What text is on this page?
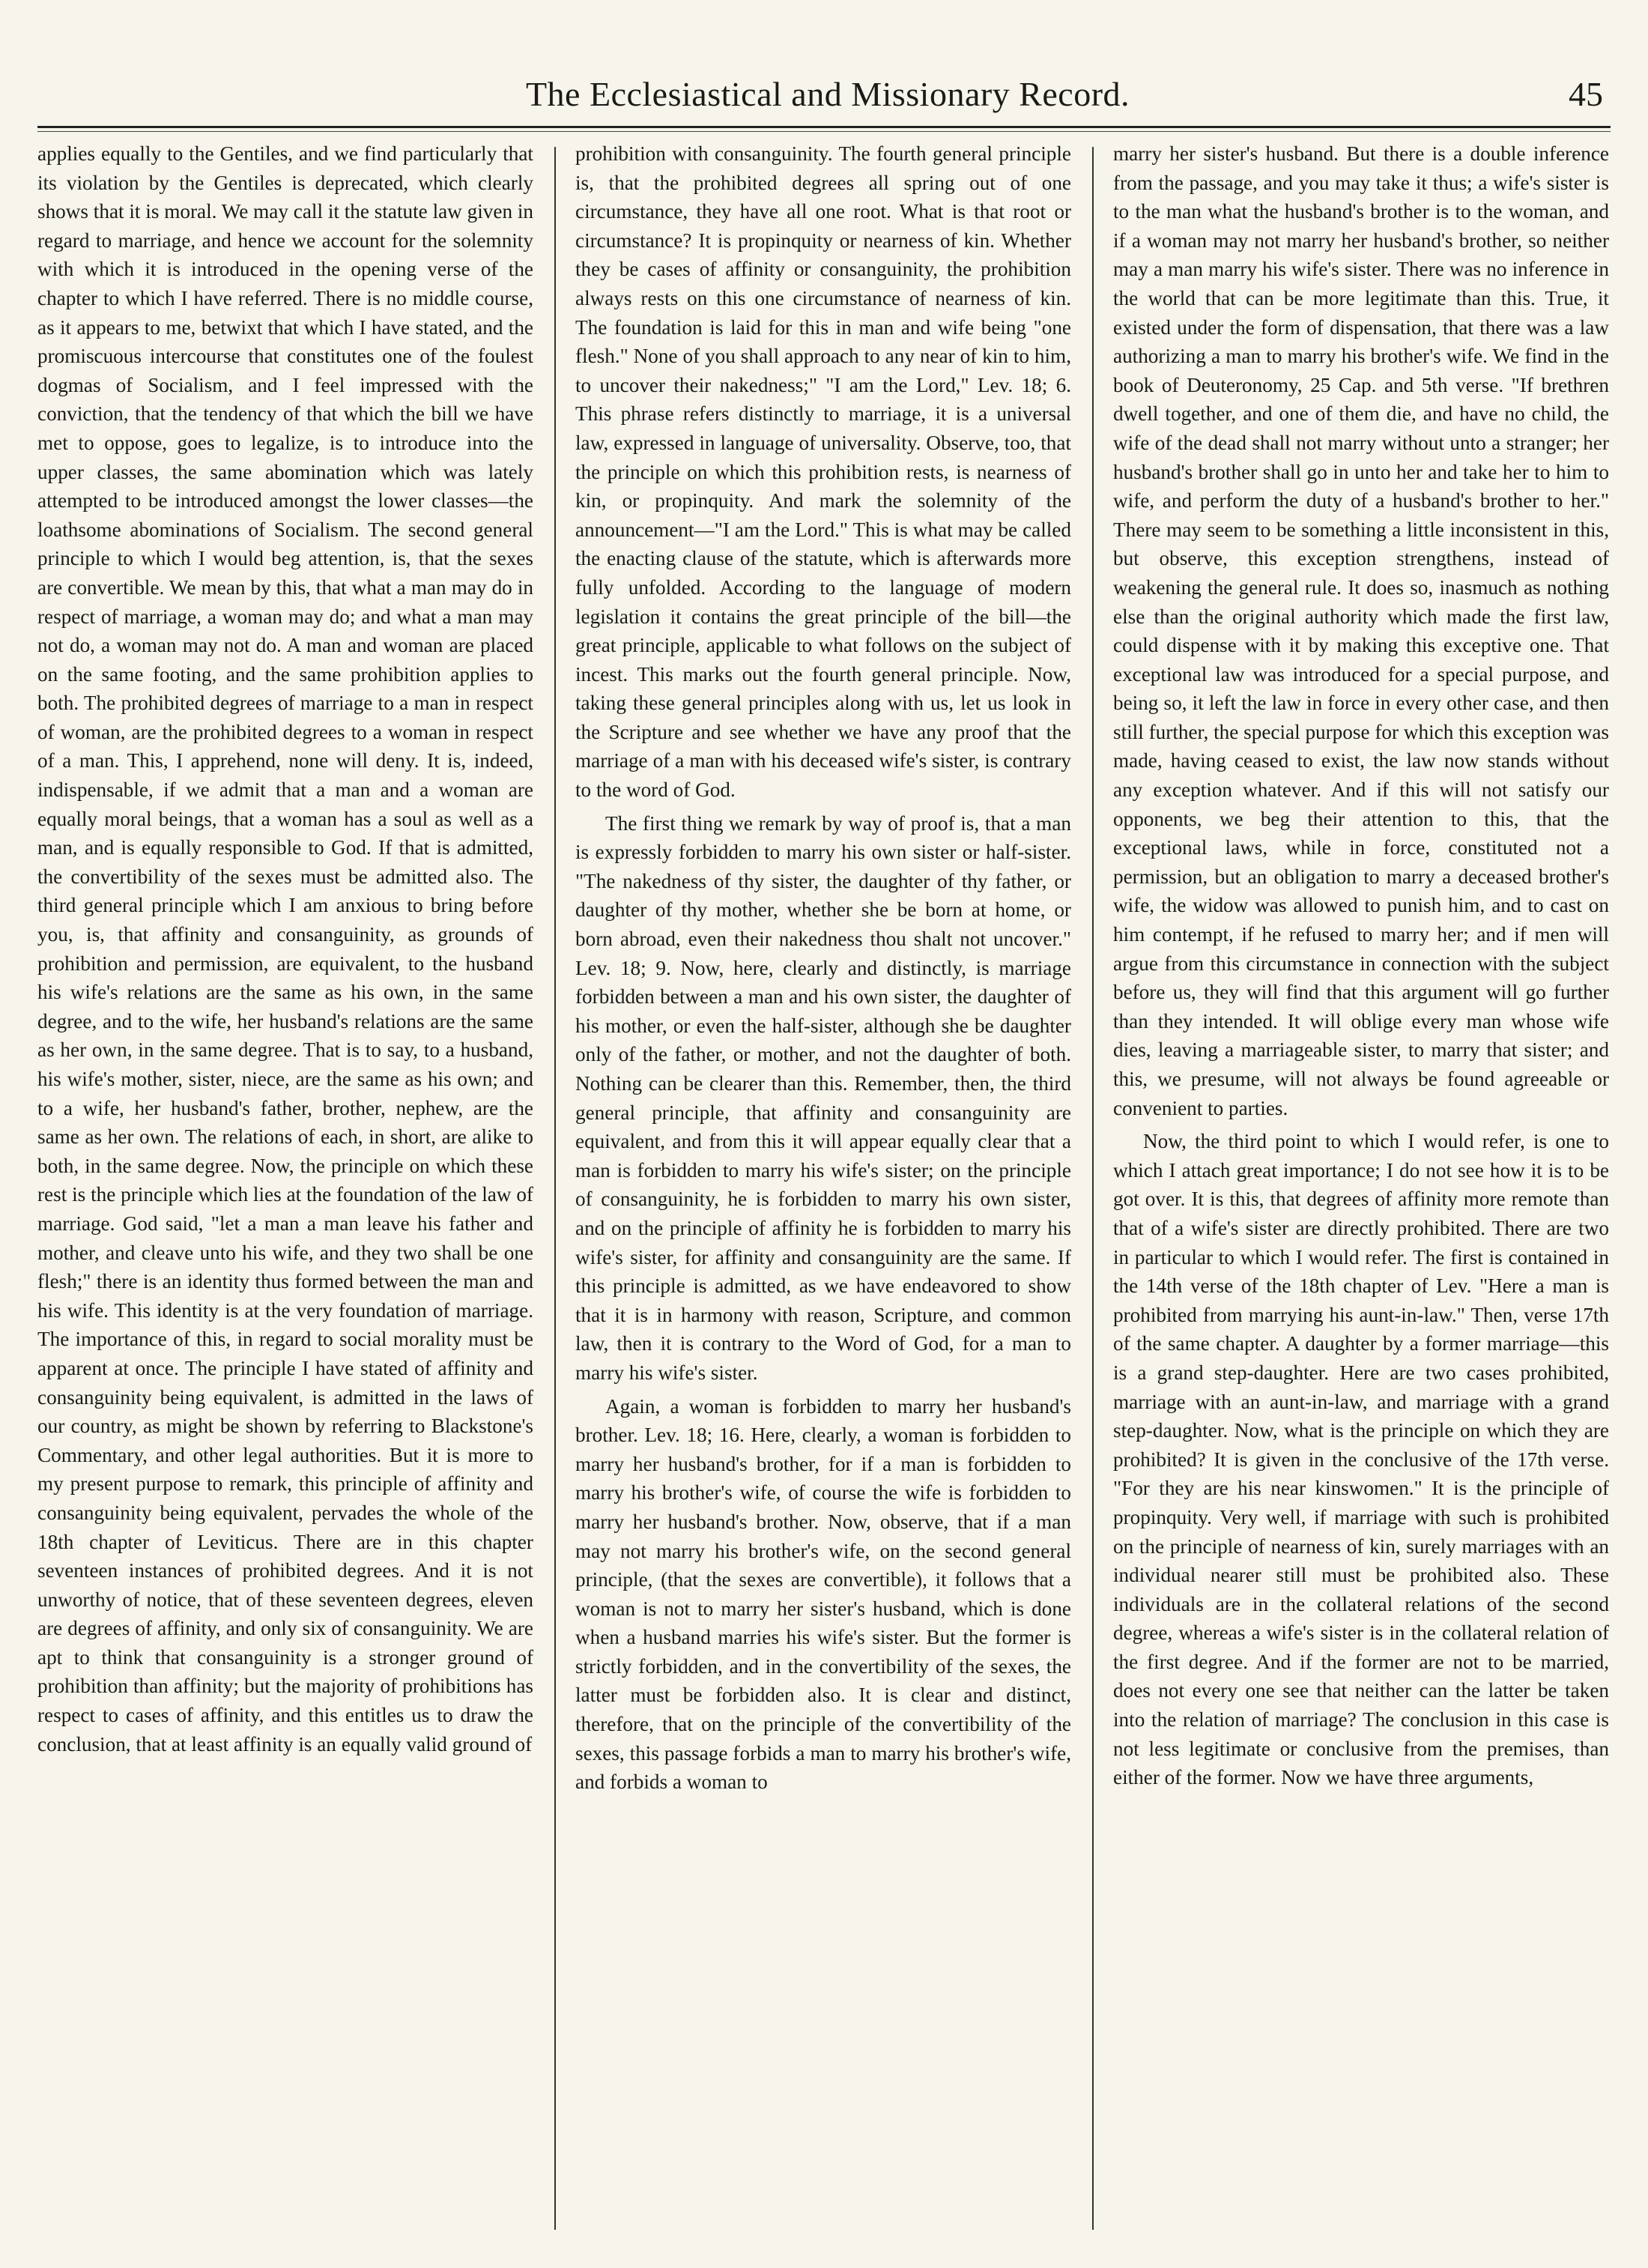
The Ecclesiastical and Missionary Record.	45

applies equally to the Gentiles, and we find particularly that its violation by the Gentiles is deprecated, which clearly shows that it is moral. We may call it the statute law given in regard to marriage, and hence we account for the solemnity with which it is introduced in the opening verse of the chapter to which I have referred. There is no middle course, as it appears to me, betwixt that which I have stated, and the promiscuous intercourse that constitutes one of the foulest dogmas of Socialism, and I feel impressed with the conviction, that the tendency of that which the bill we have met to oppose, goes to legalize, is to introduce into the upper classes, the same abomination which was lately attempted to be introduced amongst the lower classes—the loathsome abominations of Socialism. The second general principle to which I would beg attention, is, that the sexes are convertible. We mean by this, that what a man may do in respect of marriage, a woman may do; and what a man may not do, a woman may not do. A man and woman are placed on the same footing, and the same prohibition applies to both. The prohibited degrees of marriage to a man in respect of woman, are the prohibited degrees to a woman in respect of a man. This, I apprehend, none will deny. It is, indeed, indispensable, if we admit that a man and a woman are equally moral beings, that a woman has a soul as well as a man, and is equally responsible to God. If that is admitted, the convertibility of the sexes must be admitted also. The third general principle which I am anxious to bring before you, is, that affinity and consanguinity, as grounds of prohibition and permission, are equivalent, to the husband his wife's relations are the same as his own, in the same degree, and to the wife, her husband's relations are the same as her own, in the same degree. That is to say, to a husband, his wife's mother, sister, niece, are the same as his own; and to a wife, her husband's father, brother, nephew, are the same as her own. The relations of each, in short, are alike to both, in the same degree. Now, the principle on which these rest is the principle which lies at the foundation of the law of marriage. God said, "let a man a man leave his father and mother, and cleave unto his wife, and they two shall be one flesh;" there is an identity thus formed between the man and his wife. This identity is at the very foundation of marriage. The importance of this, in regard to social morality must be apparent at once. The principle I have stated of affinity and consanguinity being equivalent, is admitted in the laws of our country, as might be shown by referring to Blackstone's Commentary, and other legal authorities. But it is more to my present purpose to remark, this principle of affinity and consanguinity being equivalent, pervades the whole of the 18th chapter of Leviticus. There are in this chapter seventeen instances of prohibited degrees. And it is not unworthy of notice, that of these seventeen degrees, eleven are degrees of affinity, and only six of consanguinity. We are apt to think that consanguinity is a stronger ground of prohibition than affinity; but the majority of prohibitions has respect to cases of affinity, and this entitles us to draw the conclusion, that at least affinity is an equally valid ground of

prohibition with consanguinity. The fourth general principle is, that the prohibited degrees all spring out of one circumstance, they have all one root. What is that root or circumstance? It is propinquity or nearness of kin. Whether they be cases of affinity or consanguinity, the prohibition always rests on this one circumstance of nearness of kin. The foundation is laid for this in man and wife being "one flesh." None of you shall approach to any near of kin to him, to uncover their nakedness;" "I am the Lord," Lev. 18; 6. This phrase refers distinctly to marriage, it is a universal law, expressed in language of universality. Observe, too, that the principle on which this prohibition rests, is nearness of kin, or propinquity. And mark the solemnity of the announcement—"I am the Lord." This is what may be called the enacting clause of the statute, which is afterwards more fully unfolded. According to the language of modern legislation it contains the great principle of the bill—the great principle, applicable to what follows on the subject of incest. This marks out the fourth general principle. Now, taking these general principles along with us, let us look in the Scripture and see whether we have any proof that the marriage of a man with his deceased wife's sister, is contrary to the word of God.

The first thing we remark by way of proof is, that a man is expressly forbidden to marry his own sister or half-sister. "The nakedness of thy sister, the daughter of thy father, or daughter of thy mother, whether she be born at home, or born abroad, even their nakedness thou shalt not uncover." Lev. 18; 9. Now, here, clearly and distinctly, is marriage forbidden between a man and his own sister, the daughter of his mother, or even the half-sister, although she be daughter only of the father, or mother, and not the daughter of both. Nothing can be clearer than this. Remember, then, the third general principle, that affinity and consanguinity are equivalent, and from this it will appear equally clear that a man is forbidden to marry his wife's sister; on the principle of consanguinity, he is forbidden to marry his own sister, and on the principle of affinity he is forbidden to marry his wife's sister, for affinity and consanguinity are the same. If this principle is admitted, as we have endeavored to show that it is in harmony with reason, Scripture, and common law, then it is contrary to the Word of God, for a man to marry his wife's sister.

Again, a woman is forbidden to marry her husband's brother. Lev. 18; 16. Here, clearly, a woman is forbidden to marry her husband's brother, for if a man is forbidden to marry his brother's wife, of course the wife is forbidden to marry her husband's brother. Now, observe, that if a man may not marry his brother's wife, on the second general principle, (that the sexes are convertible), it follows that a woman is not to marry her sister's husband, which is done when a husband marries his wife's sister. But the former is strictly forbidden, and in the convertibility of the sexes, the latter must be forbidden also. It is clear and distinct, therefore, that on the principle of the convertibility of the sexes, this passage forbids a man to marry his brother's wife, and forbids a woman to

marry her sister's husband. But there is a double inference from the passage, and you may take it thus; a wife's sister is to the man what the husband's brother is to the woman, and if a woman may not marry her husband's brother, so neither may a man marry his wife's sister. There was no inference in the world that can be more legitimate than this. True, it existed under the form of dispensation, that there was a law authorizing a man to marry his brother's wife. We find in the book of Deuteronomy, 25 Cap. and 5th verse. "If brethren dwell together, and one of them die, and have no child, the wife of the dead shall not marry without unto a stranger; her husband's brother shall go in unto her and take her to him to wife, and perform the duty of a husband's brother to her." There may seem to be something a little inconsistent in this, but observe, this exception strengthens, instead of weakening the general rule. It does so, inasmuch as nothing else than the original authority which made the first law, could dispense with it by making this exceptive one. That exceptional law was introduced for a special purpose, and being so, it left the law in force in every other case, and then still further, the special purpose for which this exception was made, having ceased to exist, the law now stands without any exception whatever. And if this will not satisfy our opponents, we beg their attention to this, that the exceptional laws, while in force, constituted not a permission, but an obligation to marry a deceased brother's wife, the widow was allowed to punish him, and to cast on him contempt, if he refused to marry her; and if men will argue from this circumstance in connection with the subject before us, they will find that this argument will go further than they intended. It will oblige every man whose wife dies, leaving a marriageable sister, to marry that sister; and this, we presume, will not always be found agreeable or convenient to parties.

Now, the third point to which I would refer, is one to which I attach great importance; I do not see how it is to be got over. It is this, that degrees of affinity more remote than that of a wife's sister are directly prohibited. There are two in particular to which I would refer. The first is contained in the 14th verse of the 18th chapter of Lev. "Here a man is prohibited from marrying his aunt-in-law." Then, verse 17th of the same chapter. A daughter by a former marriage—this is a grand step-daughter. Here are two cases prohibited, marriage with an aunt-in-law, and marriage with a grand step-daughter. Now, what is the principle on which they are prohibited? It is given in the conclusive of the 17th verse. "For they are his near kinswomen." It is the principle of propinquity. Very well, if marriage with such is prohibited on the principle of nearness of kin, surely marriages with an individual nearer still must be prohibited also. These individuals are in the collateral relations of the second degree, whereas a wife's sister is in the collateral relation of the first degree. And if the former are not to be married, does not every one see that neither can the latter be taken into the relation of marriage? The conclusion in this case is not less legitimate or conclusive from the premises, than either of the former. Now we have three arguments,
